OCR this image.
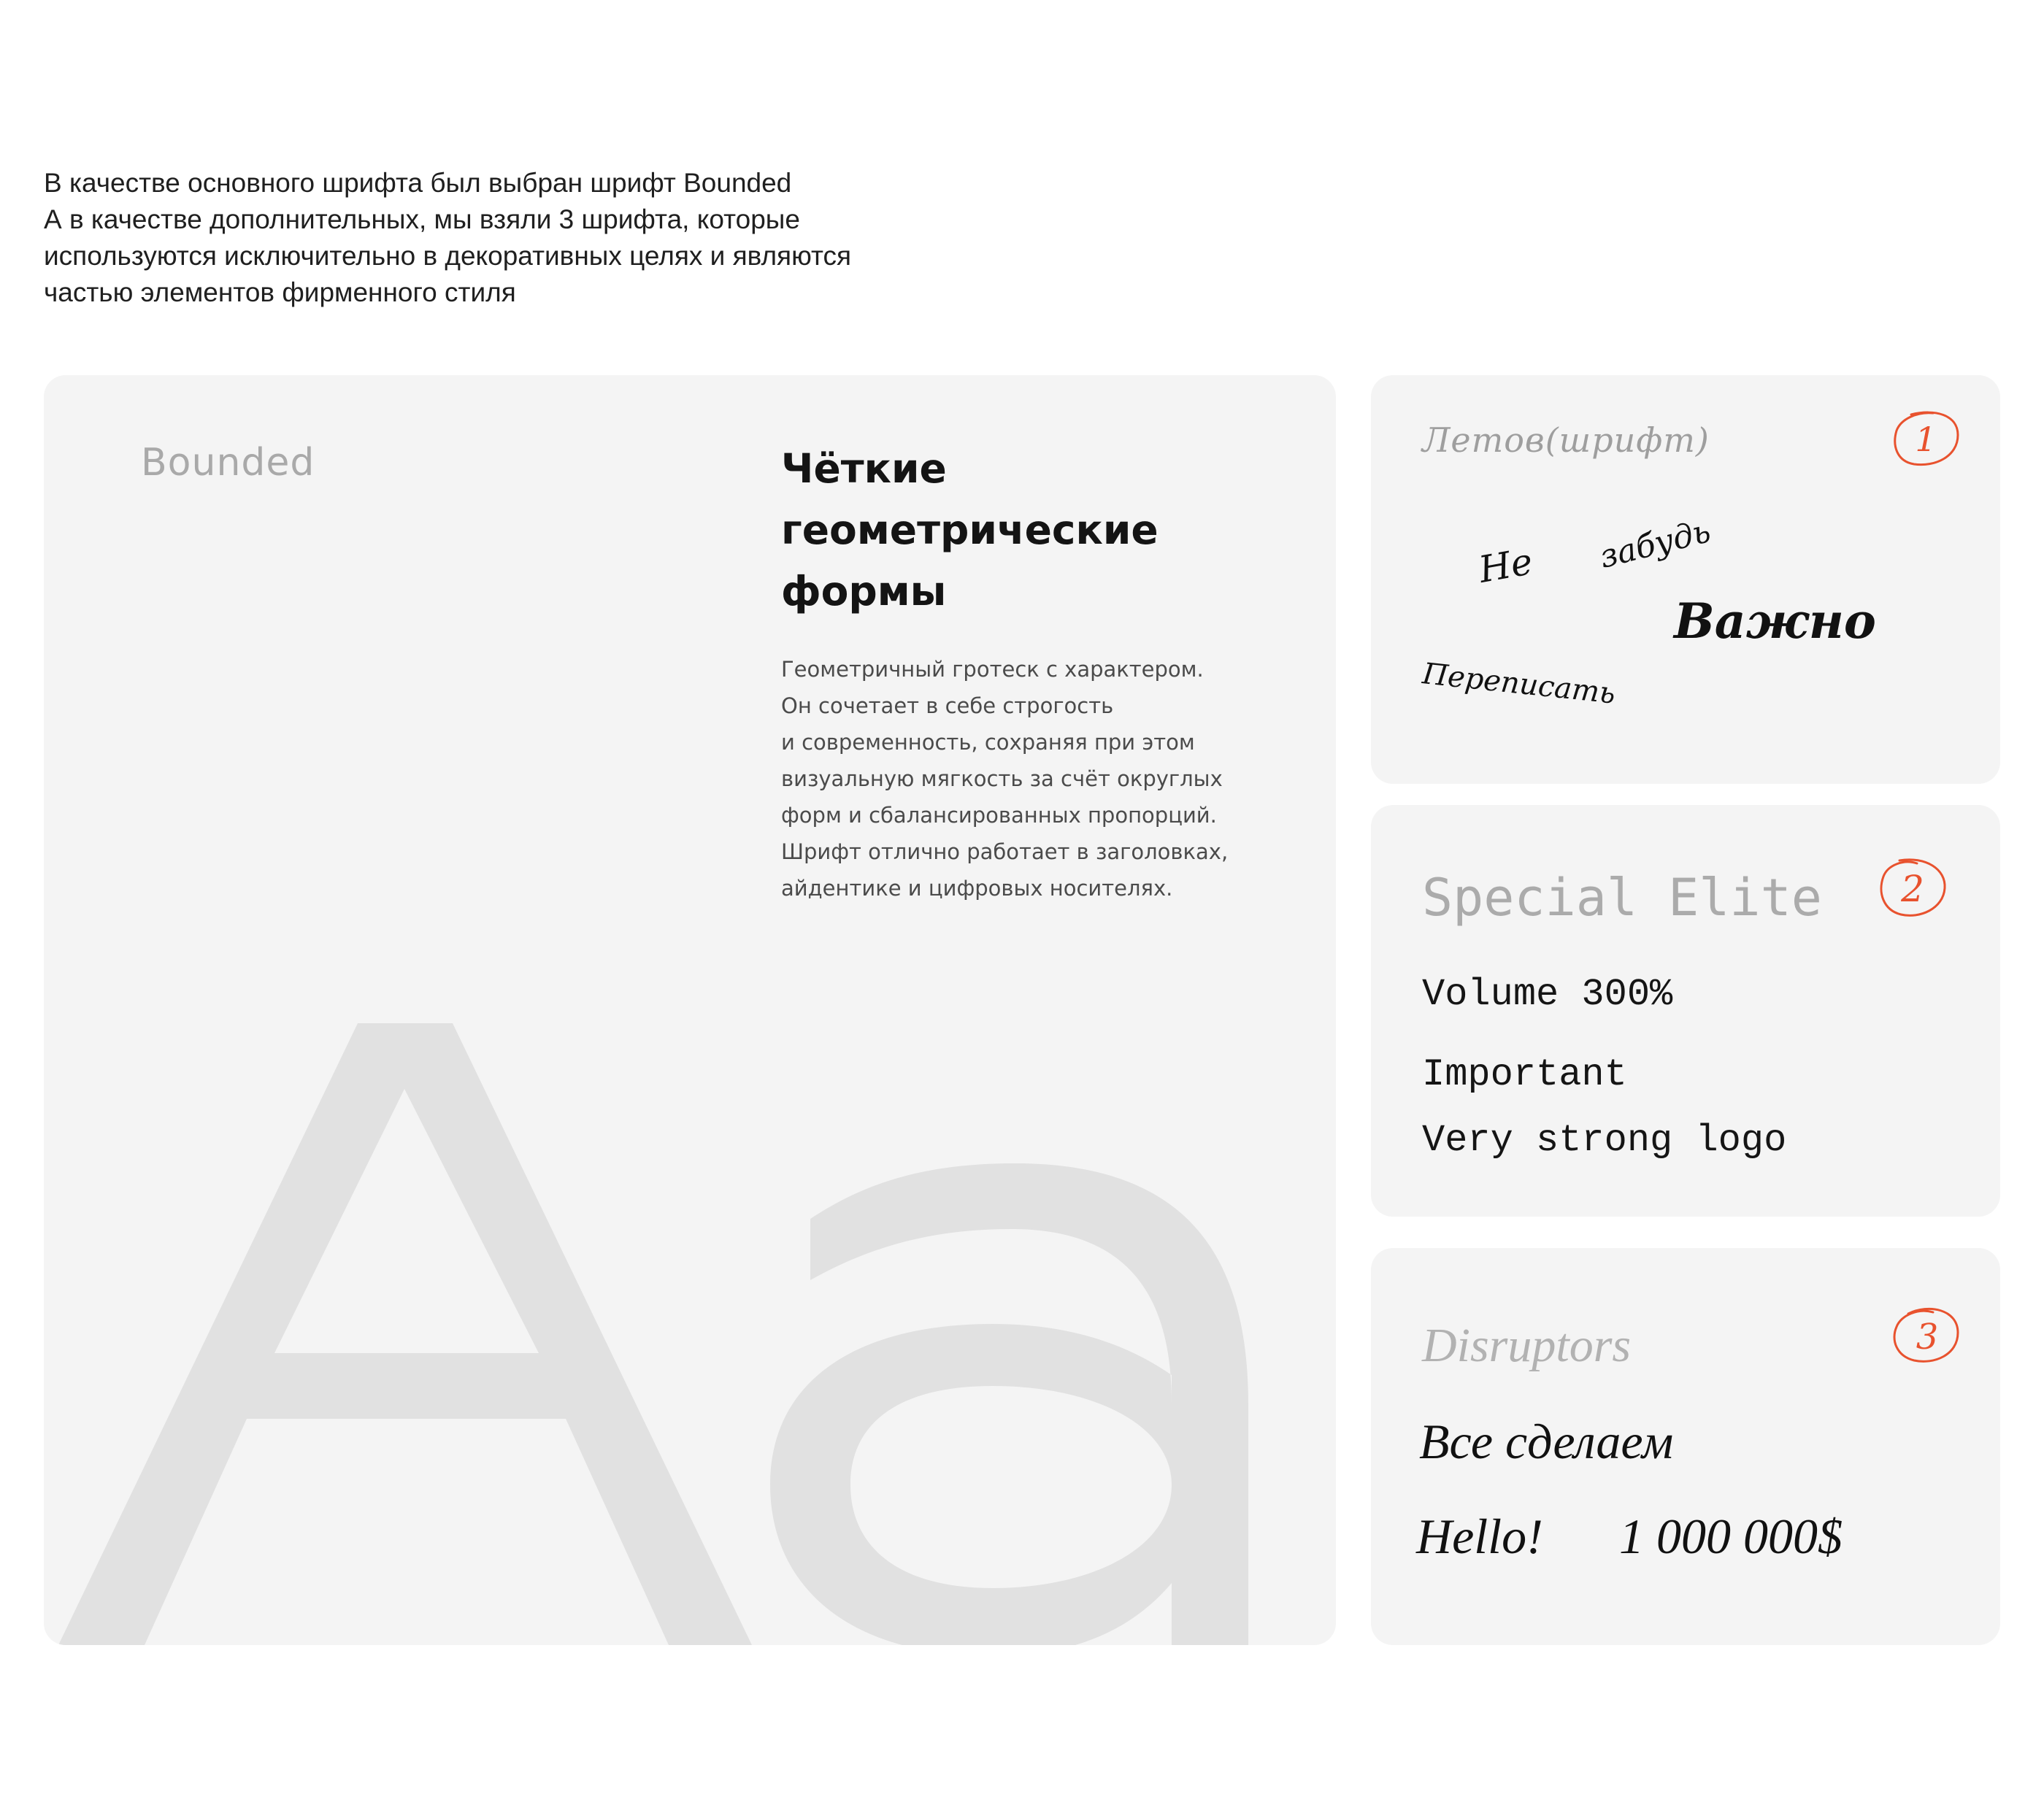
В качестве основного шрифта был выбран шрифт Bounded
А в качестве дополнительных, мы взяли 3 шрифта, которые
используются исключительно в декоративных целях и являются
частью элементов фирменного стиля
Bounded	Чёткие
геометрические
формы

Геометричный гротеск с характером.
Он сочетает в себе строгость
и современность, сохраняя при этом
визуальную мягкость за счёт округлых
форм и сбалансированных пропорций.
Шрифт отлично работает в заголовках,
айдентике и цифровых носителях.

Летов(шрифт)	1
Не забудь
Важно
Переписать
Special Elite 2
Volume 300%
Important
Very strong logo
Disruptors	3
Все сделаем
Hello! 1 000 000$
